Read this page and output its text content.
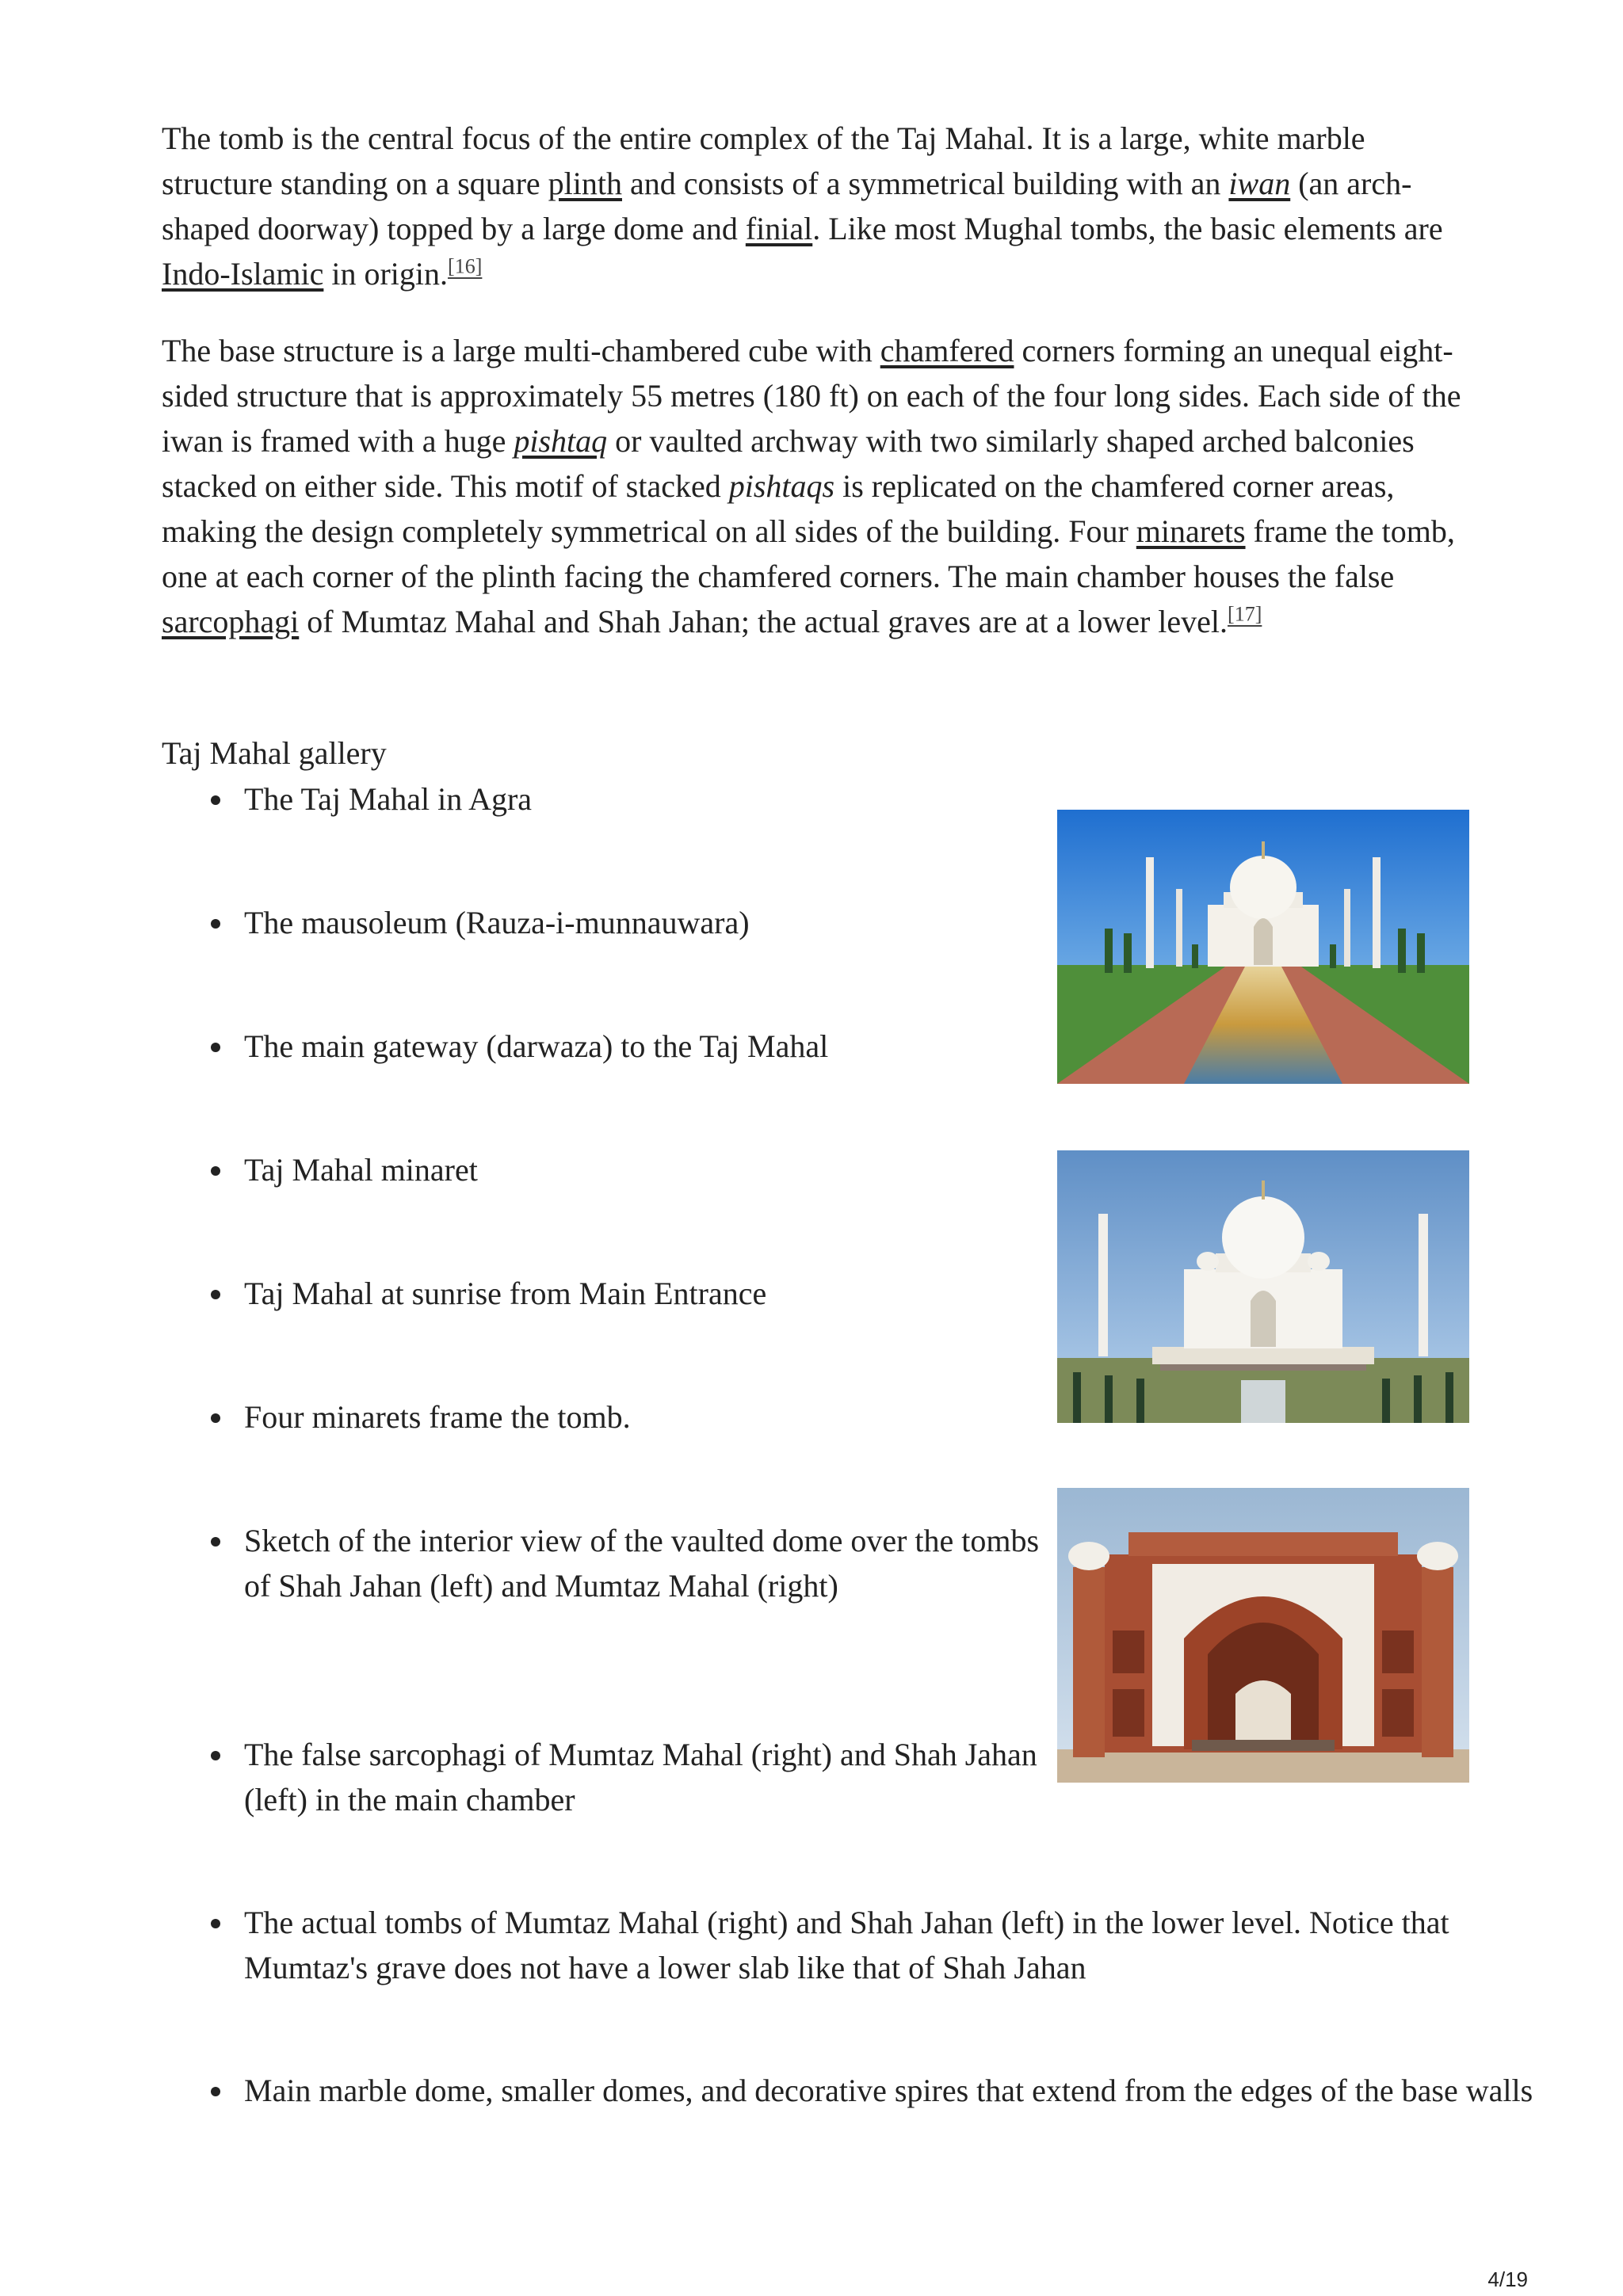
The tomb is the central focus of the entire complex of the Taj Mahal. It is a large, white marble structure standing on a square plinth and consists of a symmetrical building with an iwan (an arch-shaped doorway) topped by a large dome and finial. Like most Mughal tombs, the basic elements are Indo-Islamic in origin.[16]

The base structure is a large multi-chambered cube with chamfered corners forming an unequal eight-sided structure that is approximately 55 metres (180 ft) on each of the four long sides. Each side of the iwan is framed with a huge pishtaq or vaulted archway with two similarly shaped arched balconies stacked on either side. This motif of stacked pishtaqs is replicated on the chamfered corner areas, making the design completely symmetrical on all sides of the building. Four minarets frame the tomb, one at each corner of the plinth facing the chamfered corners. The main chamber houses the false sarcophagi of Mumtaz Mahal and Shah Jahan; the actual graves are at a lower level.[17]

Taj Mahal gallery

The Taj Mahal in Agra
The mausoleum (Rauza-i-munnauwara)
The main gateway (darwaza) to the Taj Mahal
Taj Mahal minaret
Taj Mahal at sunrise from Main Entrance
Four minarets frame the tomb.
Sketch of the interior view of the vaulted dome over the tombs of Shah Jahan (left) and Mumtaz Mahal (right)
The false sarcophagi of Mumtaz Mahal (right) and Shah Jahan (left) in the main chamber
The actual tombs of Mumtaz Mahal (right) and Shah Jahan (left) in the lower level. Notice that Mumtaz's grave does not have a lower slab like that of Shah Jahan
Main marble dome, smaller domes, and decorative spires that extend from the edges of the base walls
4/19
